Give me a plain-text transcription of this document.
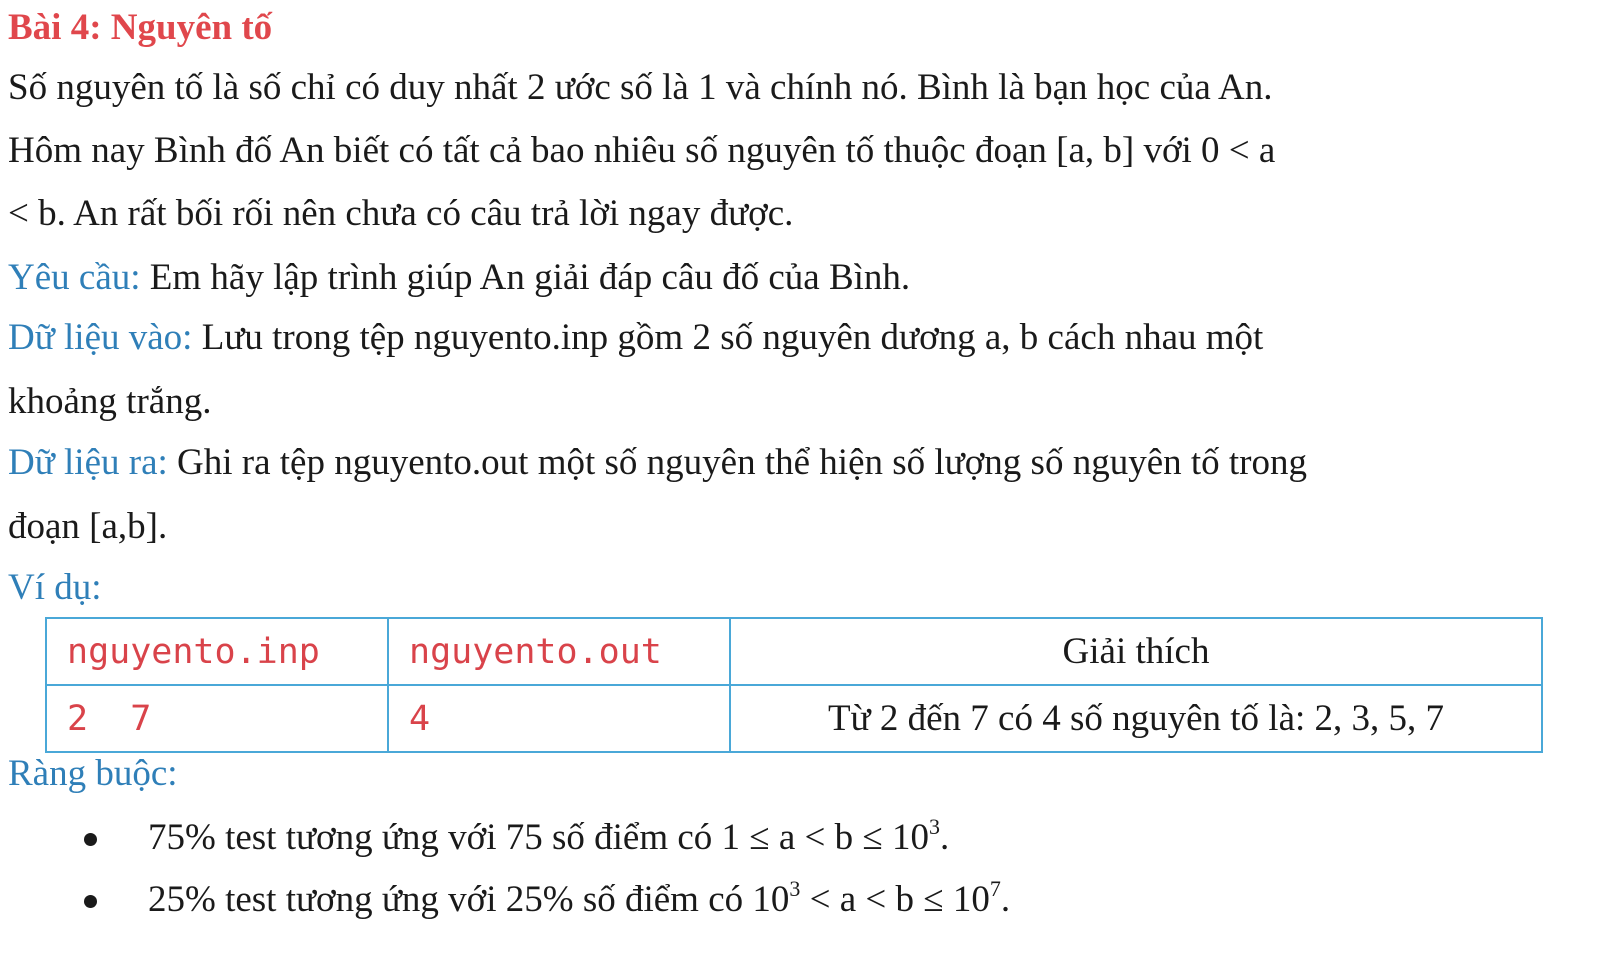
Bài 4: Nguyên tố
Số nguyên tố là số chỉ có duy nhất 2 ước số là 1 và chính nó. Bình là bạn học của An.
Hôm nay Bình đố An biết có tất cả bao nhiêu số nguyên tố thuộc đoạn [a, b] với 0 < a
< b. An rất bối rối nên chưa có câu trả lời ngay được.
Yêu cầu: Em hãy lập trình giúp An giải đáp câu đố của Bình.
Dữ liệu vào: Lưu trong tệp nguyento.inp gồm 2 số nguyên dương a, b cách nhau một
khoảng trắng.
Dữ liệu ra: Ghi ra tệp nguyento.out một số nguyên thể hiện số lượng số nguyên tố trong
đoạn [a,b].
Ví dụ:
nguyento.inp	nguyento.out	Giải thích
2  7	4	Từ 2 đến 7 có 4 số nguyên tố là: 2, 3, 5, 7
Ràng buộc:
75% test tương ứng với 75 số điểm có $1 \le a < b \le 10^3$.
25% test tương ứng với 25% số điểm có $10^3 < a < b \le 10^7$.
